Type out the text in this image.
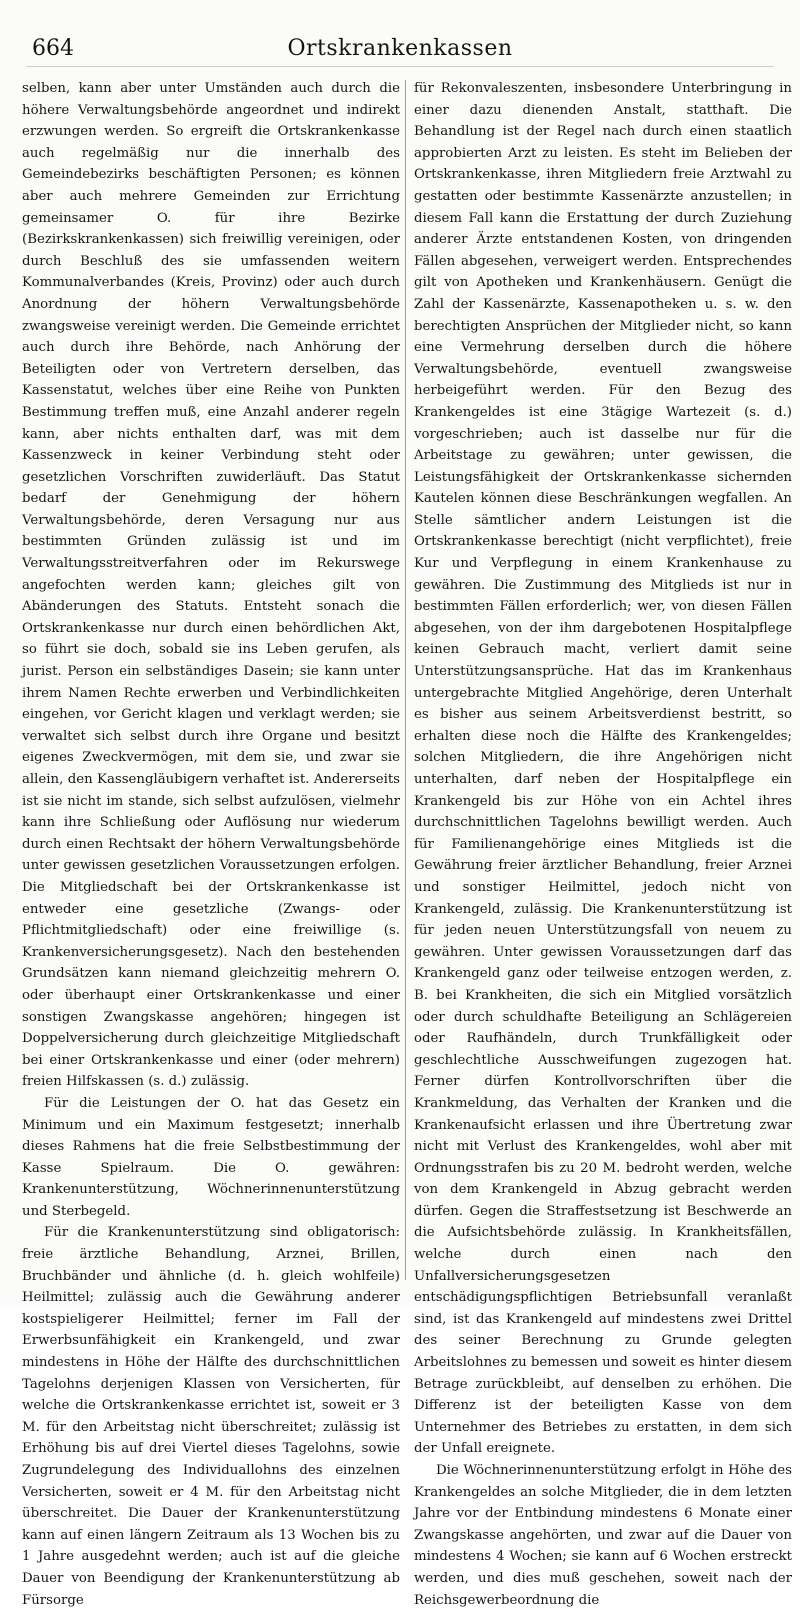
664	Ortskrankenkassen

selben, kann aber unter Umständen auch durch die höhere Verwaltungsbehörde angeordnet und indirekt erzwungen werden. So ergreift die Ortskrankenkasse auch regelmäßig nur die innerhalb des Gemeindebezirks beschäftigten Personen; es können aber auch mehrere Gemeinden zur Errichtung gemeinsamer O. für ihre Bezirke (Bezirkskrankenkassen) sich freiwillig vereinigen, oder durch Beschluß des sie umfassenden weitern Kommunalverbandes (Kreis, Provinz) oder auch durch Anordnung der höhern Verwaltungsbehörde zwangsweise vereinigt werden. Die Gemeinde errichtet auch durch ihre Behörde, nach Anhörung der Beteiligten oder von Vertretern derselben, das Kassenstatut, welches über eine Reihe von Punkten Bestimmung treffen muß, eine Anzahl anderer regeln kann, aber nichts enthalten darf, was mit dem Kassenzweck in keiner Verbindung steht oder gesetzlichen Vorschriften zuwiderläuft. Das Statut bedarf der Genehmigung der höhern Verwaltungsbehörde, deren Versagung nur aus bestimmten Gründen zulässig ist und im Verwaltungsstreitverfahren oder im Rekurswege angefochten werden kann; gleiches gilt von Abänderungen des Statuts. Entsteht sonach die Ortskrankenkasse nur durch einen behördlichen Akt, so führt sie doch, sobald sie ins Leben gerufen, als jurist. Person ein selbständiges Dasein; sie kann unter ihrem Namen Rechte erwerben und Verbindlichkeiten eingehen, vor Gericht klagen und verklagt werden; sie verwaltet sich selbst durch ihre Organe und besitzt eigenes Zweckvermögen, mit dem sie, und zwar sie allein, den Kassengläubigern verhaftet ist. Andererseits ist sie nicht im stande, sich selbst aufzulösen, vielmehr kann ihre Schließung oder Auflösung nur wiederum durch einen Rechtsakt der höhern Verwaltungsbehörde unter gewissen gesetzlichen Voraussetzungen erfolgen. Die Mitgliedschaft bei der Ortskrankenkasse ist entweder eine gesetzliche (Zwangs- oder Pflichtmitgliedschaft) oder eine freiwillige (s. Krankenversicherungsgesetz). Nach den bestehenden Grundsätzen kann niemand gleichzeitig mehrern O. oder überhaupt einer Ortskrankenkasse und einer sonstigen Zwangskasse angehören; hingegen ist Doppelversicherung durch gleichzeitige Mitgliedschaft bei einer Ortskrankenkasse und einer (oder mehrern) freien Hilfskassen (s. d.) zulässig.

Für die Leistungen der O. hat das Gesetz ein Minimum und ein Maximum festgesetzt; innerhalb dieses Rahmens hat die freie Selbstbestimmung der Kasse Spielraum. Die O. gewähren: Krankenunterstützung, Wöchnerinnenunterstützung und Sterbegeld.

Für die Krankenunterstützung sind obligatorisch: freie ärztliche Behandlung, Arznei, Brillen, Bruchbänder und ähnliche (d. h. gleich wohlfeile) Heilmittel; zulässig auch die Gewährung anderer kostspieligerer Heilmittel; ferner im Fall der Erwerbsunfähigkeit ein Krankengeld, und zwar mindestens in Höhe der Hälfte des durchschnittlichen Tagelohns derjenigen Klassen von Versicherten, für welche die Ortskrankenkasse errichtet ist, soweit er 3 M. für den Arbeitstag nicht überschreitet; zulässig ist Erhöhung bis auf drei Viertel dieses Tagelohns, sowie Zugrundelegung des Individuallohns des einzelnen Versicherten, soweit er 4 M. für den Arbeitstag nicht überschreitet. Die Dauer der Krankenunterstützung kann auf einen längern Zeitraum als 13 Wochen bis zu 1 Jahre ausgedehnt werden; auch ist auf die gleiche Dauer von Beendigung der Krankenunterstützung ab Fürsorge

für Rekonvaleszenten, insbesondere Unterbringung in einer dazu dienenden Anstalt, statthaft. Die Behandlung ist der Regel nach durch einen staatlich approbierten Arzt zu leisten. Es steht im Belieben der Ortskrankenkasse, ihren Mitgliedern freie Arztwahl zu gestatten oder bestimmte Kassenärzte anzustellen; in diesem Fall kann die Erstattung der durch Zuziehung anderer Ärzte entstandenen Kosten, von dringenden Fällen abgesehen, verweigert werden. Entsprechendes gilt von Apotheken und Krankenhäusern. Genügt die Zahl der Kassenärzte, Kassenapotheken u. s. w. den berechtigten Ansprüchen der Mitglieder nicht, so kann eine Vermehrung derselben durch die höhere Verwaltungsbehörde, eventuell zwangsweise herbeigeführt werden. Für den Bezug des Krankengeldes ist eine 3tägige Wartezeit (s. d.) vorgeschrieben; auch ist dasselbe nur für die Arbeitstage zu gewähren; unter gewissen, die Leistungsfähigkeit der Ortskrankenkasse sichernden Kautelen können diese Beschränkungen wegfallen. An Stelle sämtlicher andern Leistungen ist die Ortskrankenkasse berechtigt (nicht verpflichtet), freie Kur und Verpflegung in einem Krankenhause zu gewähren. Die Zustimmung des Mitglieds ist nur in bestimmten Fällen erforderlich; wer, von diesen Fällen abgesehen, von der ihm dargebotenen Hospitalpflege keinen Gebrauch macht, verliert damit seine Unterstützungsansprüche. Hat das im Krankenhaus untergebrachte Mitglied Angehörige, deren Unterhalt es bisher aus seinem Arbeitsverdienst bestritt, so erhalten diese noch die Hälfte des Krankengeldes; solchen Mitgliedern, die ihre Angehörigen nicht unterhalten, darf neben der Hospitalpflege ein Krankengeld bis zur Höhe von ein Achtel ihres durchschnittlichen Tagelohns bewilligt werden. Auch für Familienangehörige eines Mitglieds ist die Gewährung freier ärztlicher Behandlung, freier Arznei und sonstiger Heilmittel, jedoch nicht von Krankengeld, zulässig. Die Krankenunterstützung ist für jeden neuen Unterstützungsfall von neuem zu gewähren. Unter gewissen Voraussetzungen darf das Krankengeld ganz oder teilweise entzogen werden, z. B. bei Krankheiten, die sich ein Mitglied vorsätzlich oder durch schuldhafte Beteiligung an Schlägereien oder Raufhändeln, durch Trunkfälligkeit oder geschlechtliche Ausschweifungen zugezogen hat. Ferner dürfen Kontrollvorschriften über die Krankmeldung, das Verhalten der Kranken und die Krankenaufsicht erlassen und ihre Übertretung zwar nicht mit Verlust des Krankengeldes, wohl aber mit Ordnungsstrafen bis zu 20 M. bedroht werden, welche von dem Krankengeld in Abzug gebracht werden dürfen. Gegen die Straffestsetzung ist Beschwerde an die Aufsichtsbehörde zulässig. In Krankheitsfällen, welche durch einen nach den Unfallversicherungsgesetzen entschädigungspflichtigen Betriebsunfall veranlaßt sind, ist das Krankengeld auf mindestens zwei Drittel des seiner Berechnung zu Grunde gelegten Arbeitslohnes zu bemessen und soweit es hinter diesem Betrage zurückbleibt, auf denselben zu erhöhen. Die Differenz ist der beteiligten Kasse von dem Unternehmer des Betriebes zu erstatten, in dem sich der Unfall ereignete.

Die Wöchnerinnenunterstützung erfolgt in Höhe des Krankengeldes an solche Mitglieder, die in dem letzten Jahre vor der Entbindung mindestens 6 Monate einer Zwangskasse angehörten, und zwar auf die Dauer von mindestens 4 Wochen; sie kann auf 6 Wochen erstreckt werden, und dies muß geschehen, soweit nach der Reichsgewerbeordnung die
